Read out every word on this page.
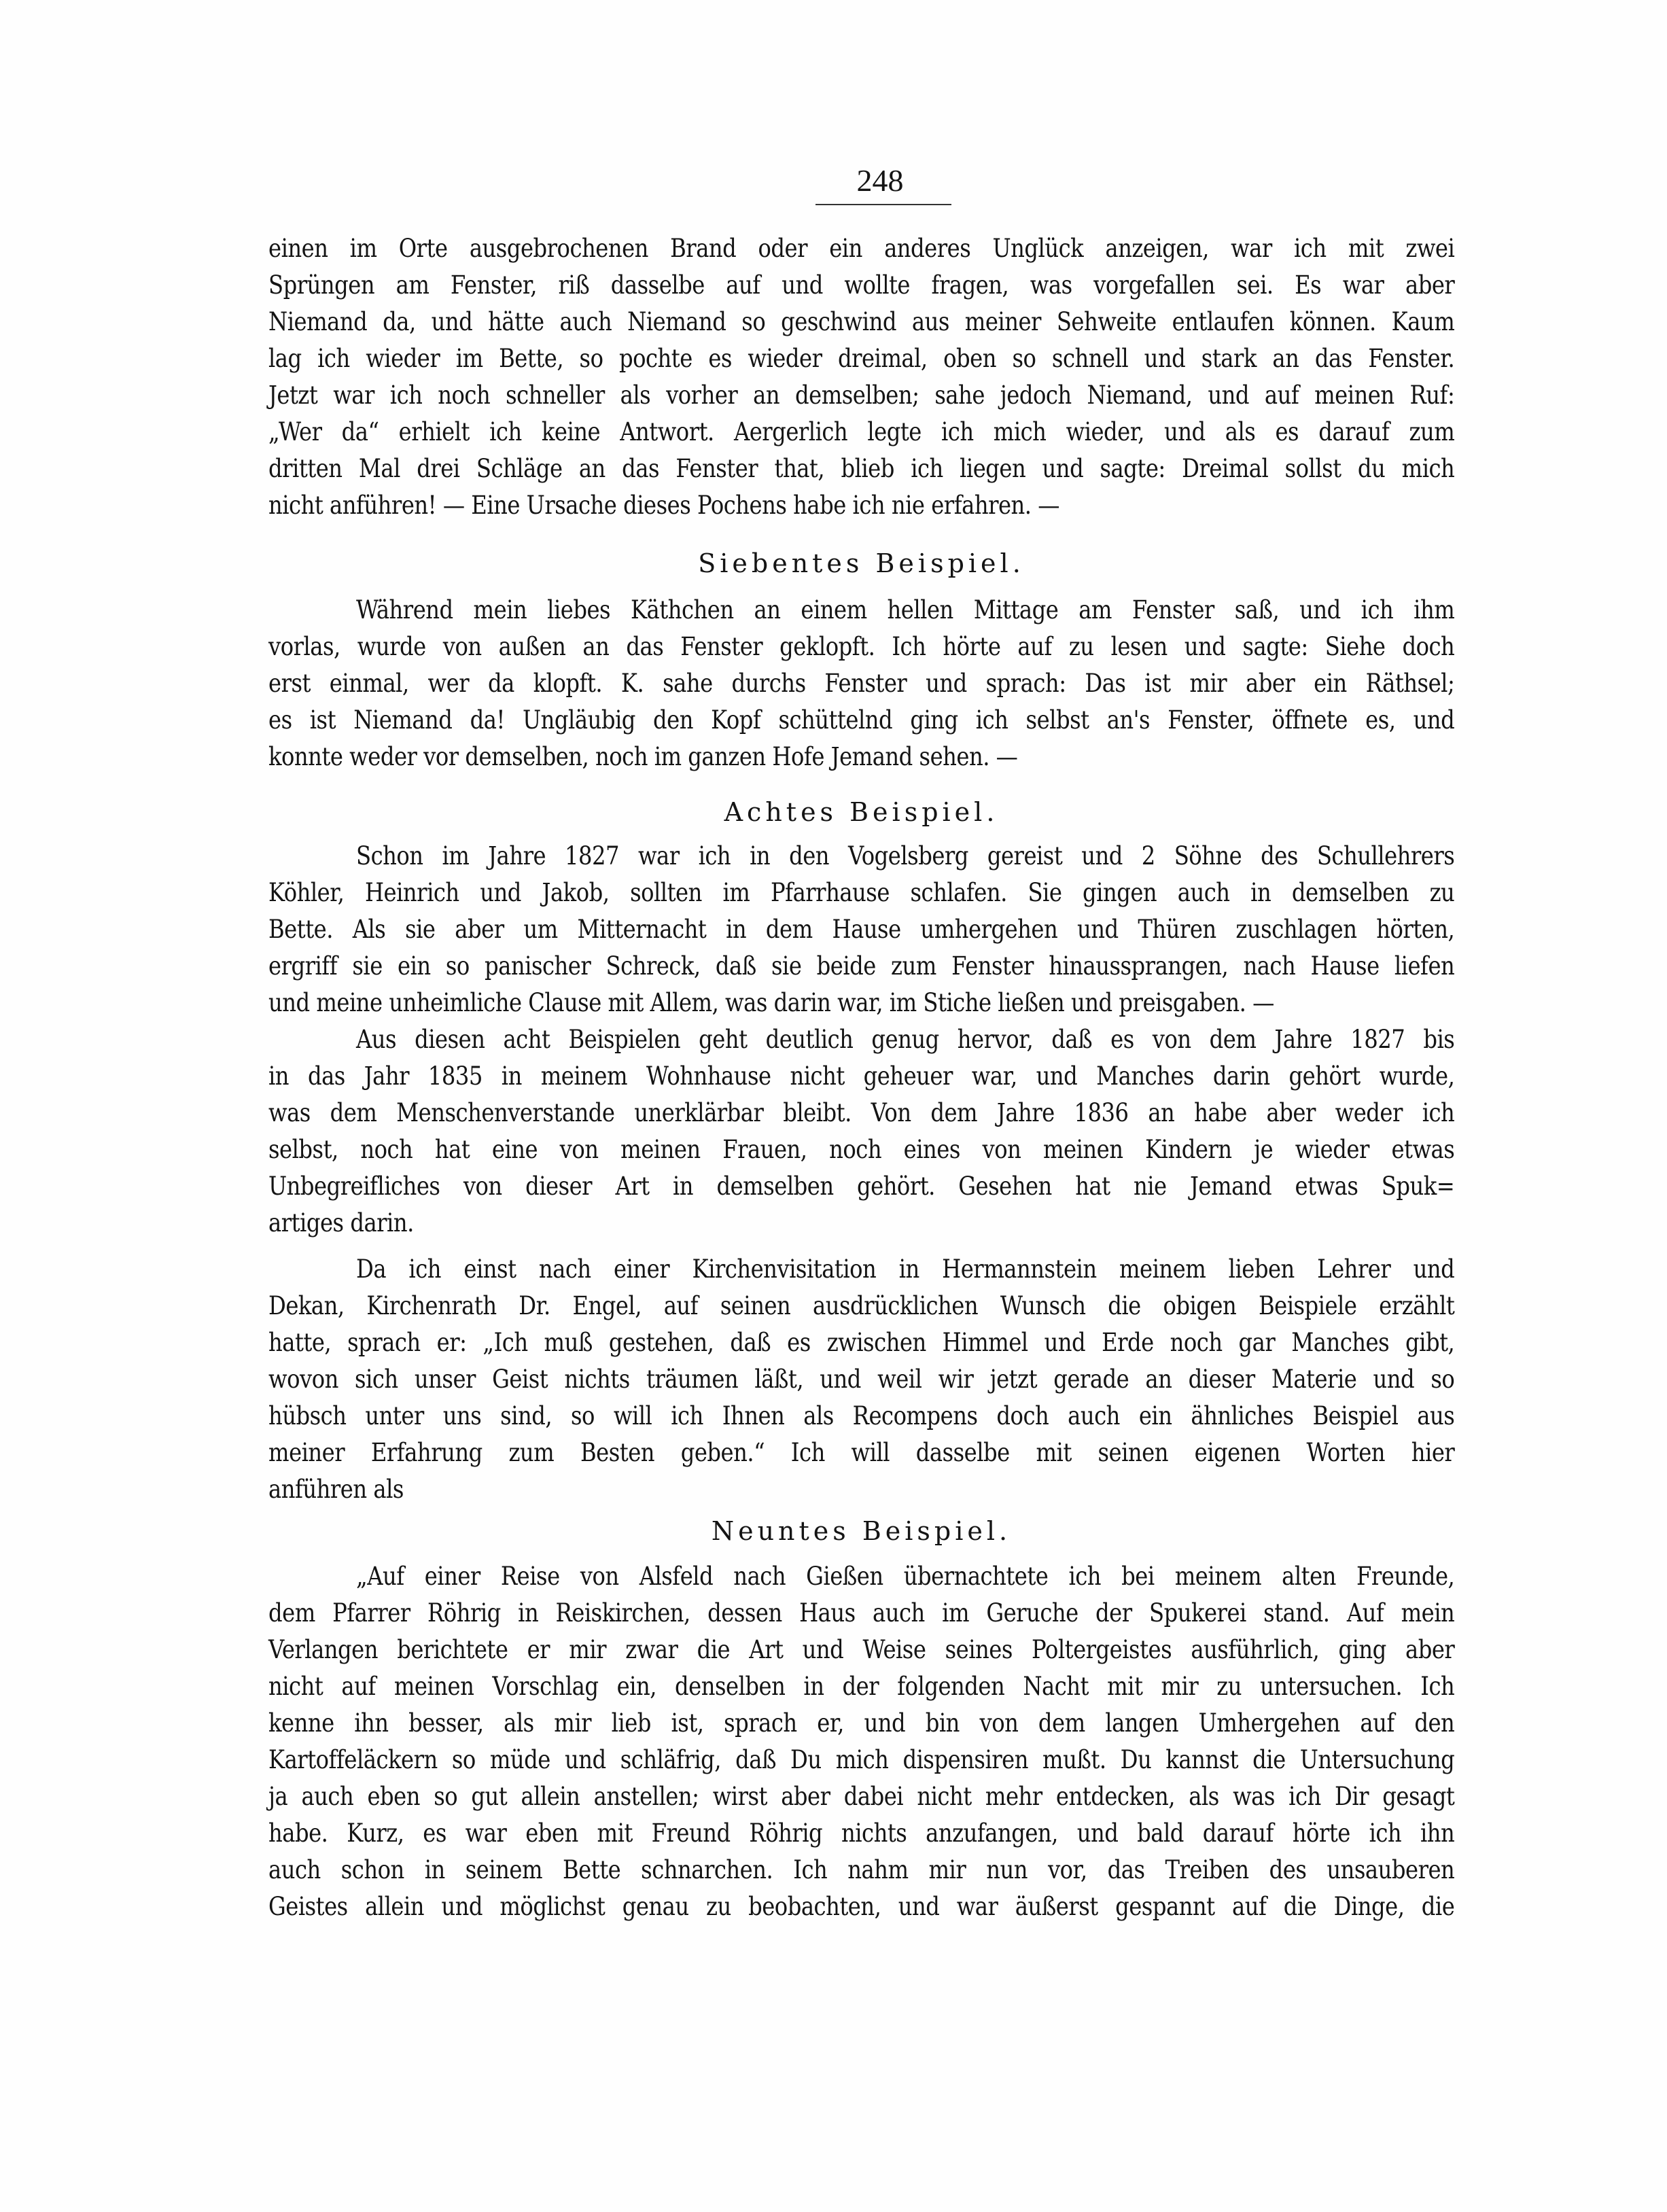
248
einen im Orte ausgebrochenen Brand oder ein anderes Unglück anzeigen, war ich mit zwei
Sprüngen am Fenster, riß dasselbe auf und wollte fragen, was vorgefallen sei. Es war aber
Niemand da, und hätte auch Niemand so geschwind aus meiner Sehweite entlaufen können. Kaum
lag ich wieder im Bette, so pochte es wieder dreimal, oben so schnell und stark an das Fenster.
Jetzt war ich noch schneller als vorher an demselben; sahe jedoch Niemand, und auf meinen Ruf:
„Wer da“ erhielt ich keine Antwort. Aergerlich legte ich mich wieder, und als es darauf zum
dritten Mal drei Schläge an das Fenster that, blieb ich liegen und sagte: Dreimal sollst du mich
nicht anführen! — Eine Ursache dieses Pochens habe ich nie erfahren. —
Siebentes Beispiel.
Während mein liebes Käthchen an einem hellen Mittage am Fenster saß, und ich ihm
vorlas, wurde von außen an das Fenster geklopft. Ich hörte auf zu lesen und sagte: Siehe doch
erst einmal, wer da klopft. K. sahe durchs Fenster und sprach: Das ist mir aber ein Räthsel;
es ist Niemand da! Ungläubig den Kopf schüttelnd ging ich selbst an's Fenster, öffnete es, und
konnte weder vor demselben, noch im ganzen Hofe Jemand sehen. —
Achtes Beispiel.
Schon im Jahre 1827 war ich in den Vogelsberg gereist und 2 Söhne des Schullehrers
Köhler, Heinrich und Jakob, sollten im Pfarrhause schlafen. Sie gingen auch in demselben zu
Bette. Als sie aber um Mitternacht in dem Hause umhergehen und Thüren zuschlagen hörten,
ergriff sie ein so panischer Schreck, daß sie beide zum Fenster hinaussprangen, nach Hause liefen
und meine unheimliche Clause mit Allem, was darin war, im Stiche ließen und preisgaben. —
Aus diesen acht Beispielen geht deutlich genug hervor, daß es von dem Jahre 1827 bis
in das Jahr 1835 in meinem Wohnhause nicht geheuer war, und Manches darin gehört wurde,
was dem Menschenverstande unerklärbar bleibt. Von dem Jahre 1836 an habe aber weder ich
selbst, noch hat eine von meinen Frauen, noch eines von meinen Kindern je wieder etwas
Unbegreifliches von dieser Art in demselben gehört. Gesehen hat nie Jemand etwas Spuk=
artiges darin.
Da ich einst nach einer Kirchenvisitation in Hermannstein meinem lieben Lehrer und
Dekan, Kirchenrath Dr. Engel, auf seinen ausdrücklichen Wunsch die obigen Beispiele erzählt
hatte, sprach er: „Ich muß gestehen, daß es zwischen Himmel und Erde noch gar Manches gibt,
wovon sich unser Geist nichts träumen läßt, und weil wir jetzt gerade an dieser Materie und so
hübsch unter uns sind, so will ich Ihnen als Recompens doch auch ein ähnliches Beispiel aus
meiner Erfahrung zum Besten geben.“ Ich will dasselbe mit seinen eigenen Worten hier
anführen als
Neuntes Beispiel.
„Auf einer Reise von Alsfeld nach Gießen übernachtete ich bei meinem alten Freunde,
dem Pfarrer Röhrig in Reiskirchen, dessen Haus auch im Geruche der Spukerei stand. Auf mein
Verlangen berichtete er mir zwar die Art und Weise seines Poltergeistes ausführlich, ging aber
nicht auf meinen Vorschlag ein, denselben in der folgenden Nacht mit mir zu untersuchen. Ich
kenne ihn besser, als mir lieb ist, sprach er, und bin von dem langen Umhergehen auf den
Kartoffeläckern so müde und schläfrig, daß Du mich dispensiren mußt. Du kannst die Untersuchung
ja auch eben so gut allein anstellen; wirst aber dabei nicht mehr entdecken, als was ich Dir gesagt
habe. Kurz, es war eben mit Freund Röhrig nichts anzufangen, und bald darauf hörte ich ihn
auch schon in seinem Bette schnarchen. Ich nahm mir nun vor, das Treiben des unsauberen
Geistes allein und möglichst genau zu beobachten, und war äußerst gespannt auf die Dinge, die
